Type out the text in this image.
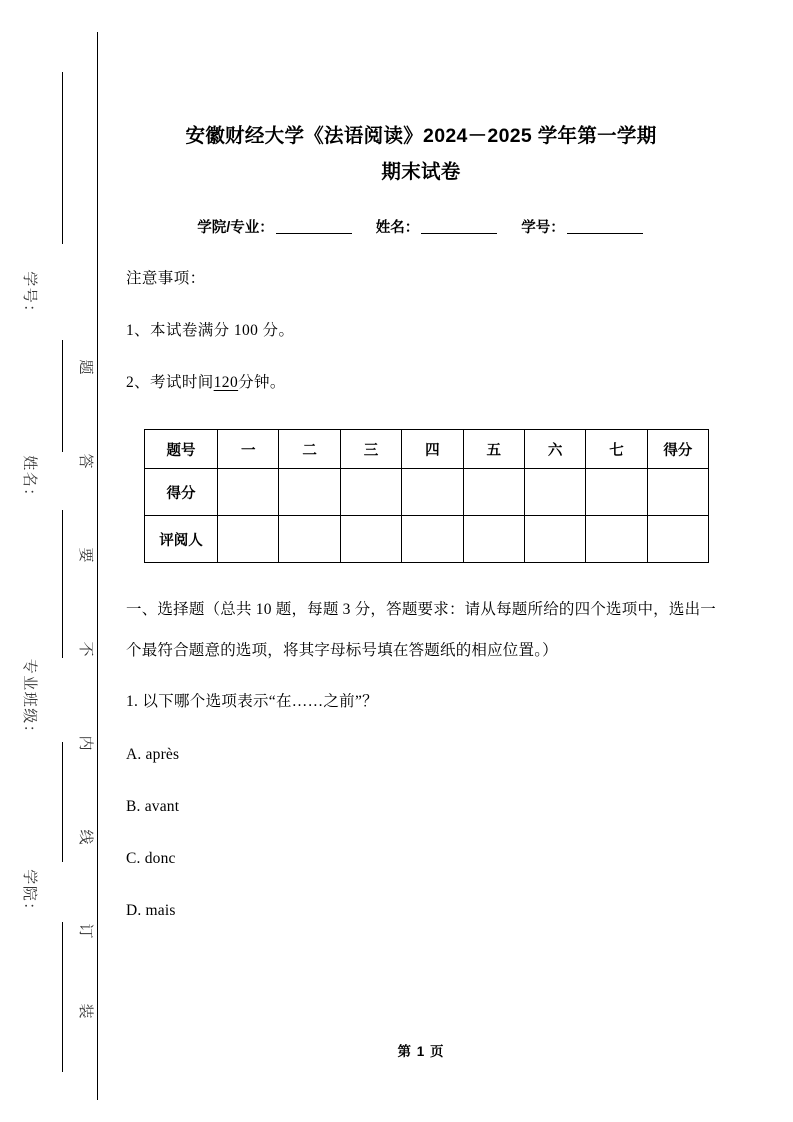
学号：
姓名：
专业班级：
学院：
题
答
要
不
内
线
订
装
安徽财经大学《法语阅读》2024－2025 学年第一学期
期末试卷
学院/专业：	姓名：	学号：
注意事项：
1、本试卷满分 100 分。
2、考试时间120分钟。
题号	一	二	三	四	五	六	七	得分
得分								
评阅人								
一、选择题（总共 10 题，每题 3 分，答题要求：请从每题所给的四个选项中，选出一个最符合题意的选项，将其字母标号填在答题纸的相应位置。）
1. 以下哪个选项表示“在……之前”？
A. après
B. avant
C. donc
D. mais
第 1 页
